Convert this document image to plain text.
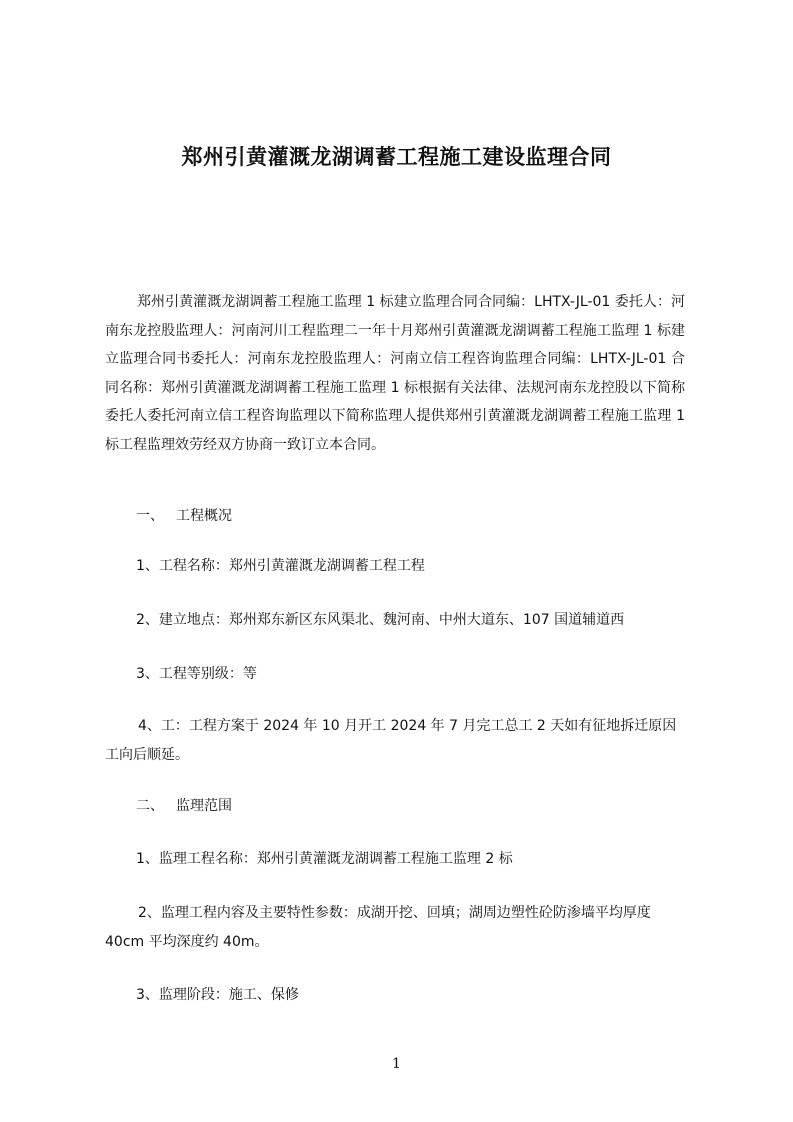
郑州引黄灌溉龙湖调蓄工程施工建设监理合同

郑州引黄灌溉龙湖调蓄工程施工监理 1 标建立监理合同合同编：LHTX-JL-01 委托人：河南东龙控股监理人：河南河川工程监理二一年十月郑州引黄灌溉龙湖调蓄工程施工监理 1 标建立监理合同书委托人：河南东龙控股监理人：河南立信工程咨询监理合同编：LHTX-JL-01 合同名称：郑州引黄灌溉龙湖调蓄工程施工监理 1 标根据有关法律、法规河南东龙控股以下简称委托人委托河南立信工程咨询监理以下简称监理人提供郑州引黄灌溉龙湖调蓄工程施工监理 1 标工程监理效劳经双方协商一致订立本合同。

一、 工程概况

1、工程名称：郑州引黄灌溉龙湖调蓄工程工程

2、建立地点：郑州郑东新区东风渠北、魏河南、中州大道东、107 国道辅道西

3、工程等别级：等

4、工：工程方案于 2024 年 10 月开工 2024 年 7 月完工总工 2 天如有征地拆迁原因工向后顺延。

二、 监理范围

1、监理工程名称：郑州引黄灌溉龙湖调蓄工程施工监理 2 标

2、监理工程内容及主要特性参数：成湖开挖、回填；湖周边塑性砼防渗墙平均厚度 40cm 平均深度约 40m。

3、监理阶段：施工、保修

1
